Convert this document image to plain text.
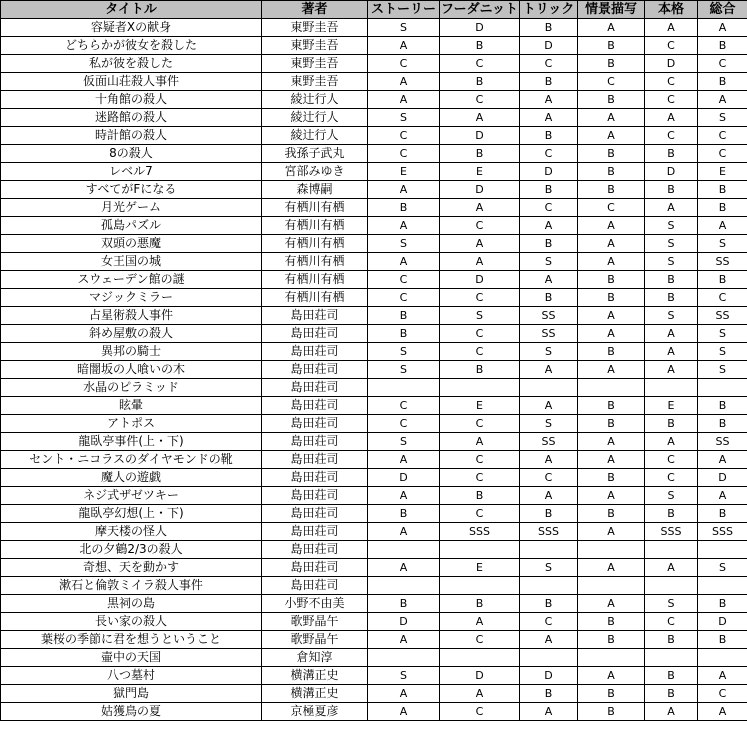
タイトル	著者	ストーリー	フーダニット	トリック	情景描写	本格	総合
容疑者Xの献身	東野圭吾	S	D	B	A	A	A
どちらかが彼女を殺した	東野圭吾	A	B	D	B	C	B
私が彼を殺した	東野圭吾	C	C	C	B	D	C
仮面山荘殺人事件	東野圭吾	A	B	B	C	C	B
十角館の殺人	綾辻行人	A	C	A	B	C	A
迷路館の殺人	綾辻行人	S	A	A	A	A	S
時計館の殺人	綾辻行人	C	D	B	A	C	C
8の殺人	我孫子武丸	C	B	C	B	B	C
レベル7	宮部みゆき	E	E	D	B	D	E
すべてがFになる	森博嗣	A	D	B	B	B	B
月光ゲーム	有栖川有栖	B	A	C	C	A	B
孤島パズル	有栖川有栖	A	C	A	A	S	A
双頭の悪魔	有栖川有栖	S	A	B	A	S	S
女王国の城	有栖川有栖	A	A	S	A	S	SS
スウェーデン館の謎	有栖川有栖	C	D	A	B	B	B
マジックミラー	有栖川有栖	C	C	B	B	B	C
占星術殺人事件	島田荘司	B	S	SS	A	S	SS
斜め屋敷の殺人	島田荘司	B	C	SS	A	A	S
異邦の騎士	島田荘司	S	C	S	B	A	S
暗闇坂の人喰いの木	島田荘司	S	B	A	A	A	S
水晶のピラミッド	島田荘司						
眩暈	島田荘司	C	E	A	B	E	B
アトポス	島田荘司	C	C	S	B	B	B
龍臥亭事件(上・下)	島田荘司	S	A	SS	A	A	SS
セント・ニコラスのダイヤモンドの靴	島田荘司	A	C	A	A	C	A
魔人の遊戯	島田荘司	D	C	C	B	C	D
ネジ式ザゼツキー	島田荘司	A	B	A	A	S	A
龍臥亭幻想(上・下)	島田荘司	B	C	B	B	B	B
摩天楼の怪人	島田荘司	A	SSS	SSS	A	SSS	SSS
北の夕鶴2/3の殺人	島田荘司						
奇想、天を動かす	島田荘司	A	E	S	A	A	S
漱石と倫敦ミイラ殺人事件	島田荘司						
黒祠の島	小野不由美	B	B	B	A	S	B
長い家の殺人	歌野晶午	D	A	C	B	C	D
葉桜の季節に君を想うということ	歌野晶午	A	C	A	B	B	B
壷中の天国	倉知淳						
八つ墓村	横溝正史	S	D	D	A	B	A
獄門島	横溝正史	A	A	B	B	B	C
姑獲鳥の夏	京極夏彦	A	C	A	B	A	A
